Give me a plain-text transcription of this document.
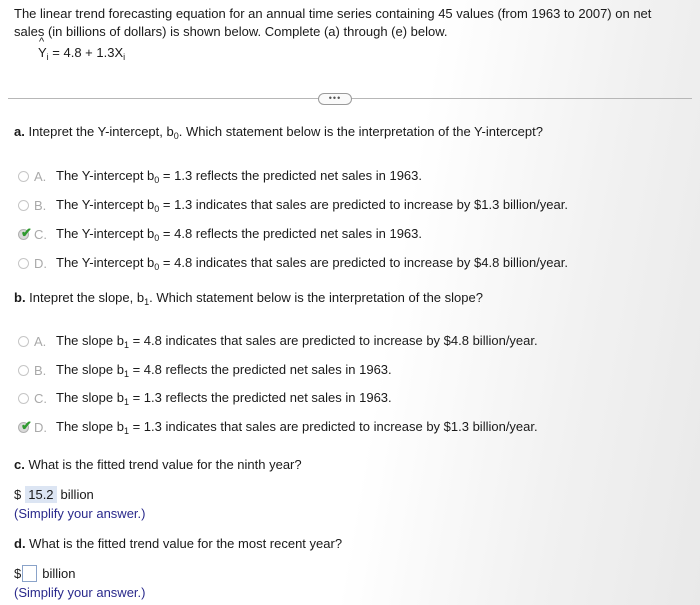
The linear trend forecasting equation for an annual time series containing 45 values (from 1963 to 2007) on net
sales (in billions of dollars) is shown below. Complete (a) through (e) below.
^
$Y_i = 4.8 + 1.3X_i$
•••
a. Intepret the Y-intercept, $b_0$. Which statement below is the interpretation of the Y-intercept?
A. The Y-intercept $b_0 = 1.3$ reflects the predicted net sales in 1963.
B. The Y-intercept $b_0 = 1.3$ indicates that sales are predicted to increase by $1.3 billion/year.
✔ C. The Y-intercept $b_0 = 4.8$ reflects the predicted net sales in 1963.
D. The Y-intercept $b_0 = 4.8$ indicates that sales are predicted to increase by $4.8 billion/year.
b. Intepret the slope, $b_1$. Which statement below is the interpretation of the slope?
A. The slope $b_1 = 4.8$ indicates that sales are predicted to increase by $4.8 billion/year.
B. The slope $b_1 = 4.8$ reflects the predicted net sales in 1963.
C. The slope $b_1 = 1.3$ reflects the predicted net sales in 1963.
✔ D. The slope $b_1 = 1.3$ indicates that sales are predicted to increase by $1.3 billion/year.
c. What is the fitted trend value for the ninth year?
$ 15.2 billion
(Simplify your answer.)
d. What is the fitted trend value for the most recent year?
$ billion
(Simplify your answer.)
